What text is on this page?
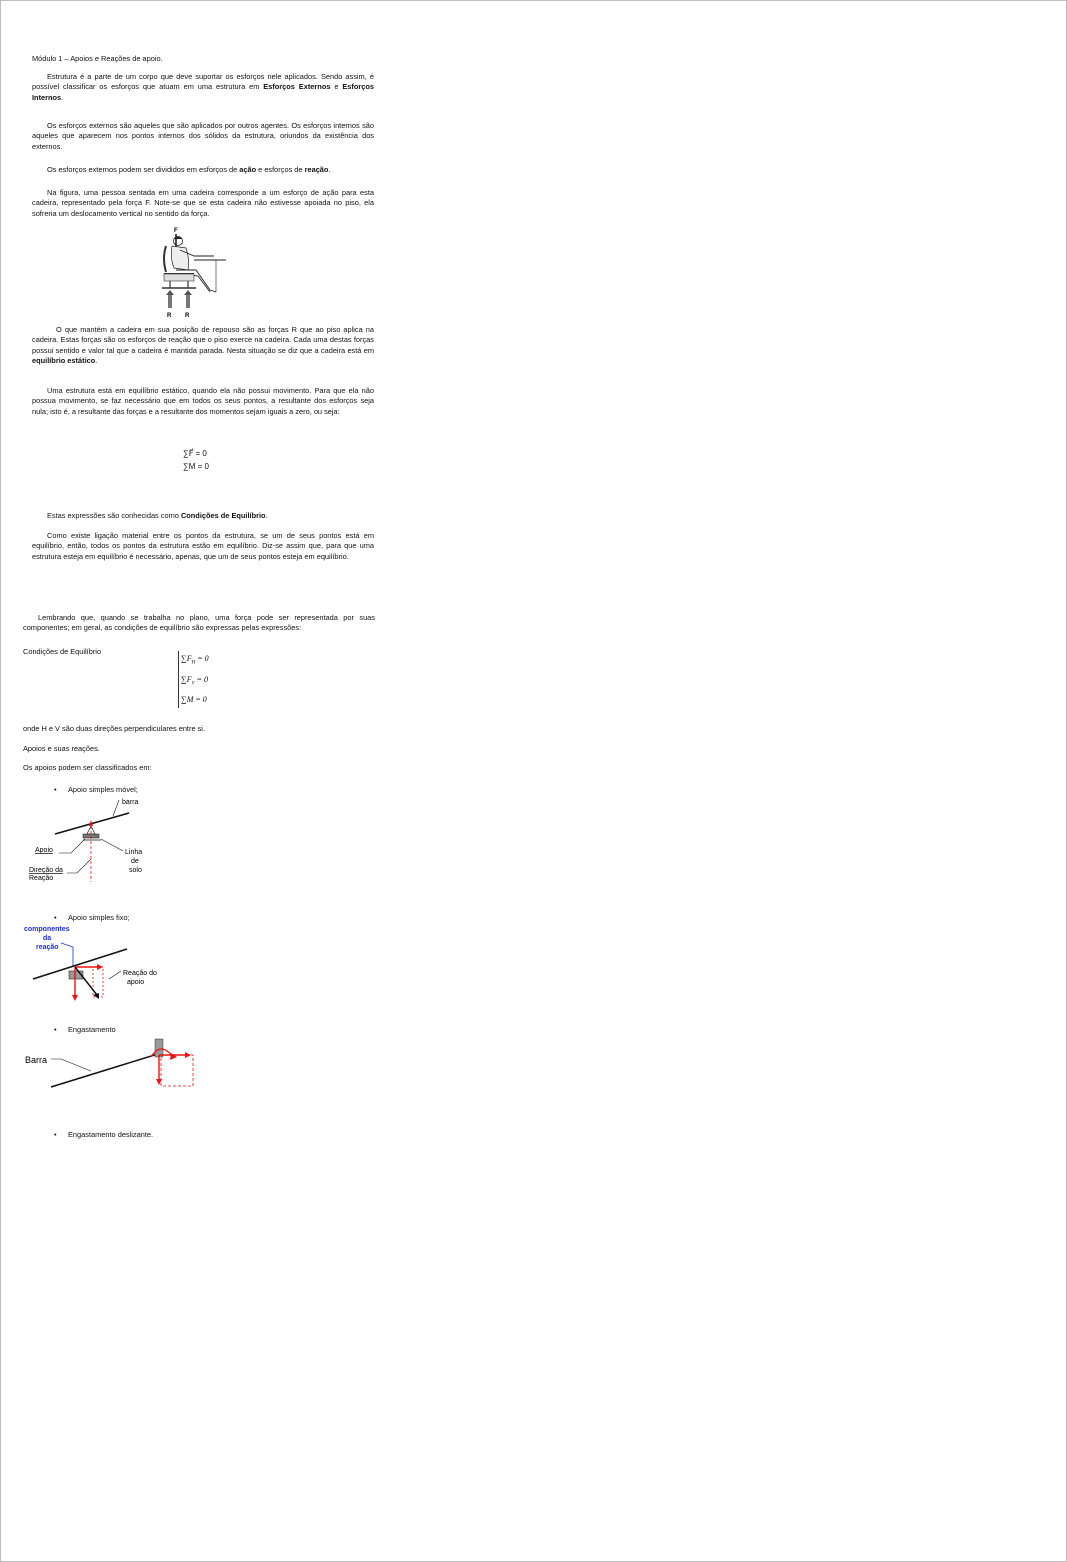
Módulo 1 – Apoios e Reações de apoio.
Estrutura é a parte de um corpo que deve suportar os esforços nele aplicados. Sendo assim, é possível classificar os esforços que atuam em uma estrutura em Esforços Externos e Esforços Internos.
Os esforços externos são aqueles que são aplicados por outros agentes. Os esforços internos são aqueles que aparecem nos pontos internos dos sólidos da estrutura, oriundos da existência dos externos.
Os esforços externos podem ser divididos em esforços de ação e esforços de reação.
Na figura, uma pessoa sentada em uma cadeira corresponde a um esforço de ação para esta cadeira, representado pela força F. Note-se que se esta cadeira não estivesse apoiada no piso, ela sofreria um deslocamento vertical no sentido da força.
F
R R
O que mantém a cadeira em sua posição de repouso são as forças R que ao piso aplica na cadeira. Estas forças são os esforços de reação que o piso exerce na cadeira. Cada uma destas forças possui sentido e valor tal que a cadeira é mantida parada. Nesta situação se diz que a cadeira está em equilíbrio estático.
Uma estrutura está em equilíbrio estático, quando ela não possui movimento. Para que ela não possua movimento, se faz necessário que em todos os seus pontos, a resultante dos esforços seja nula; isto é, a resultante das forças e a resultante dos momentos sejam iguais a zero, ou seja:
∑F⃗ = 0
∑M = 0
Estas expressões são conhecidas como Condições de Equilíbrio.
Como existe ligação material entre os pontos da estrutura, se um de seus pontos está em equilíbrio, então, todos os pontos da estrutura estão em equilíbrio. Diz-se assim que, para que uma estrutura esteja em equilíbrio é necessário, apenas, que um de seus pontos esteja em equilíbrio.
Lembrando que, quando se trabalha no plano, uma força pode ser representada por suas componentes; em geral, as condições de equilíbrio são expressas pelas expressões:
Condições de Equilíbrio
$\sum F_H = 0$
$\sum F_V = 0$
∑M = 0
onde H e V são duas direções perpendiculares entre si.
Apoios e suas reações.
Os apoios podem ser classificados em:
• Apoio simples móvel;
barra
Linha
de
solo
Apoio
Direção da
Reação
• Apoio simples fixo;
componentes
da
reação
Reação do
apoio
• Engastamento
Barra
• Engastamento deslizante.
